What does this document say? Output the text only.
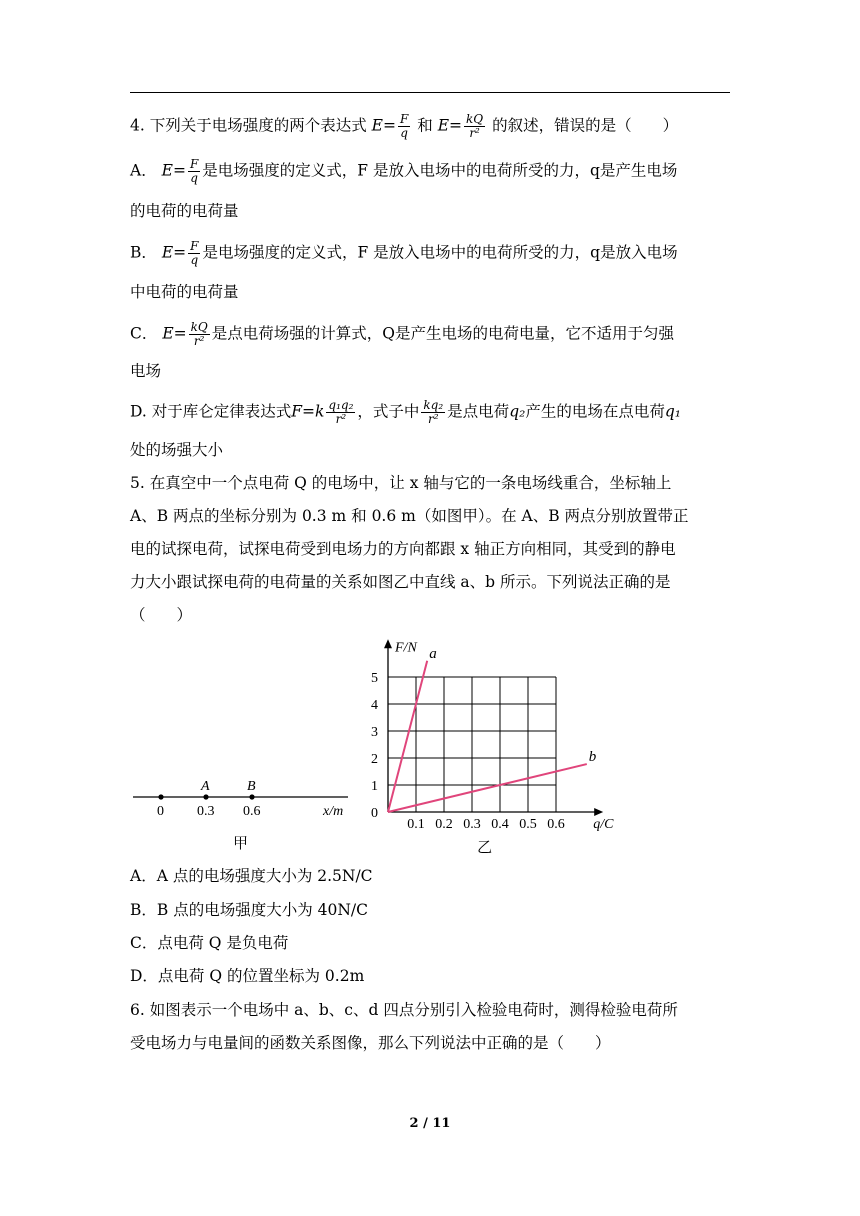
4. 下列关于电场强度的两个表达式 $E= \frac{F}{q}$ 和 $E= \frac{kQ}{\text{r²}}$ 的叙述，错误的是（　　）
A． $E= \frac{F}{q}$ 是电场强度的定义式，F 是放入电场中的电荷所受的力，q是产生电场
的电荷的电荷量
B． $E= \frac{F}{q}$ 是电场强度的定义式，F 是放入电场中的电荷所受的力，q是放入电场
中电荷的电荷量
C． $E= \frac{kQ}{\text{r²}}$ 是点电荷场强的计算式，Q是产生电场的电荷电量，它不适用于匀强
电场
D. 对于库仑定律表达式$F=k \frac{\text{q₁q₂}}{\text{r²}}$ ，式子中 $\frac{\text{kq₂}}{\text{r²}}$ 是点电荷q₂产生的电场在点电荷q₁
处的场强大小
5. 在真空中一个点电荷 Q 的电场中，让 x 轴与它的一条电场线重合，坐标轴上
A、B 两点的坐标分别为 0.3 m 和 0.6 m（如图甲）。在 A、B 两点分别放置带正
电的试探电荷，试探电荷受到电场力的方向都跟 x 轴正方向相同，其受到的静电
力大小跟试探电荷的电荷量的关系如图乙中直线 a、b 所示。下列说法正确的是
（　　）
A	B
0 0.3 0.6	x/m
甲
0.1 0.2 0.3 0.4 0.5 0.6
0
1
2
3
4
5
F/N
q/C
a
b
乙
A．A 点的电场强度大小为 2.5N/C
B．B 点的电场强度大小为 40N/C
C．点电荷 Q 是负电荷
D．点电荷 Q 的位置坐标为 0.2m
6. 如图表示一个电场中 a、b、c、d 四点分别引入检验电荷时，测得检验电荷所
受电场力与电量间的函数关系图像，那么下列说法中正确的是（　　）
2 / 11
